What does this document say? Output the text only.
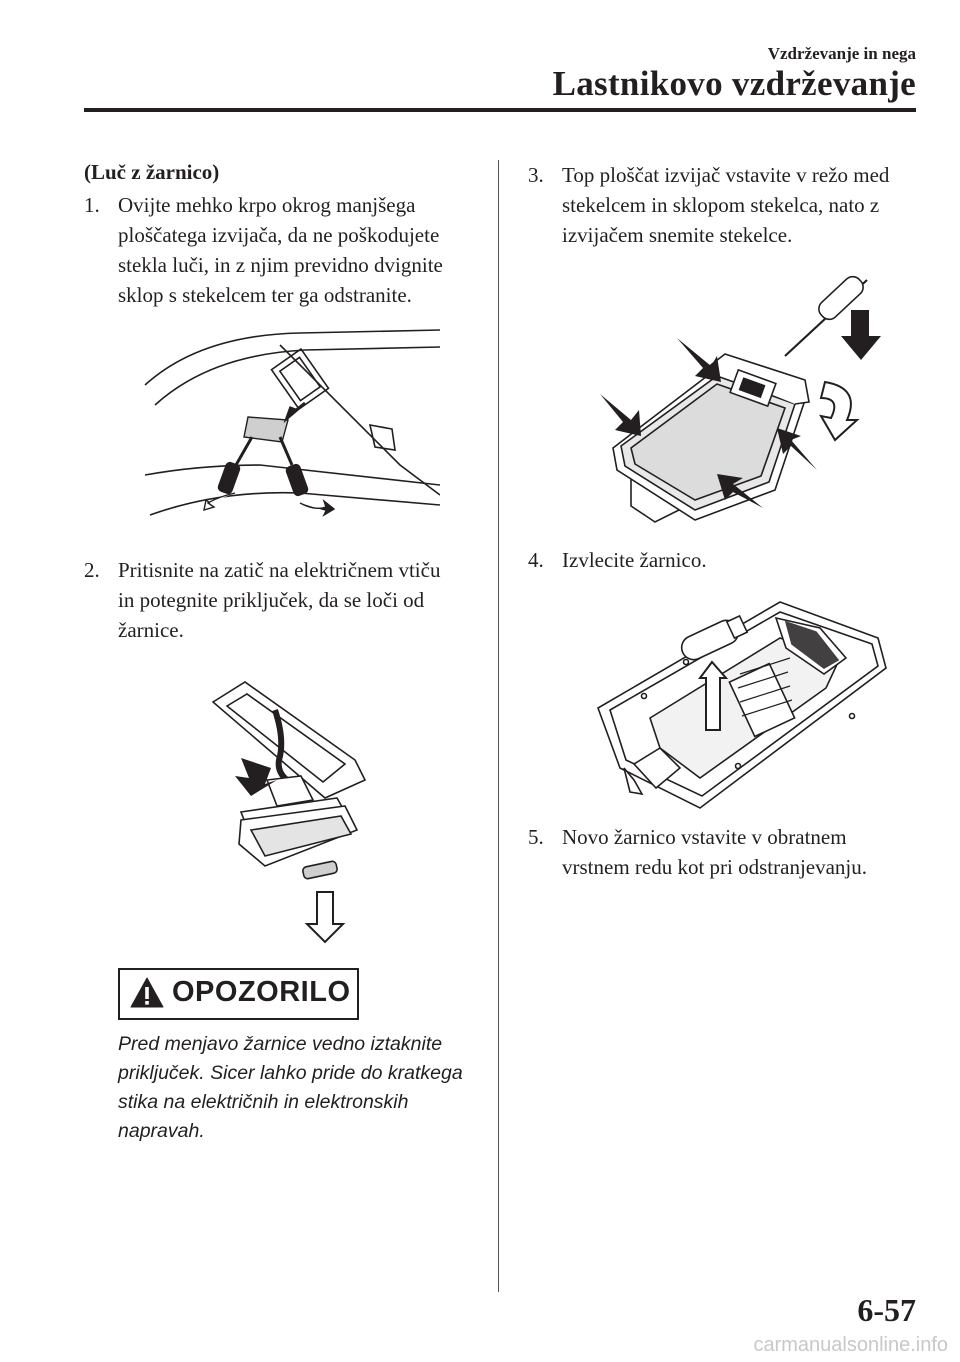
Vzdrževanje in nega
Lastnikovo vzdrževanje
(Luč z žarnico)
1. Ovijte mehko krpo okrog manjšega
ploščatega izvijača, da ne poškodujete
stekla luči, in z njim previdno dvignite
sklop s stekelcem ter ga odstranite.
2. Pritisnite na zatič na električnem vtiču
in potegnite priključek, da se loči od
žarnice.
OPOZORILO
Pred menjavo žarnice vedno iztaknite
priključek. Sicer lahko pride do kratkega
stika na električnih in elektronskih
napravah.
3. Top ploščat izvijač vstavite v režo med
stekelcem in sklopom stekelca, nato z
izvijačem snemite stekelce.
4. Izvlecite žarnico.
5. Novo žarnico vstavite v obratnem
vrstnem redu kot pri odstranjevanju.
6-57
carmanualsonline.info
